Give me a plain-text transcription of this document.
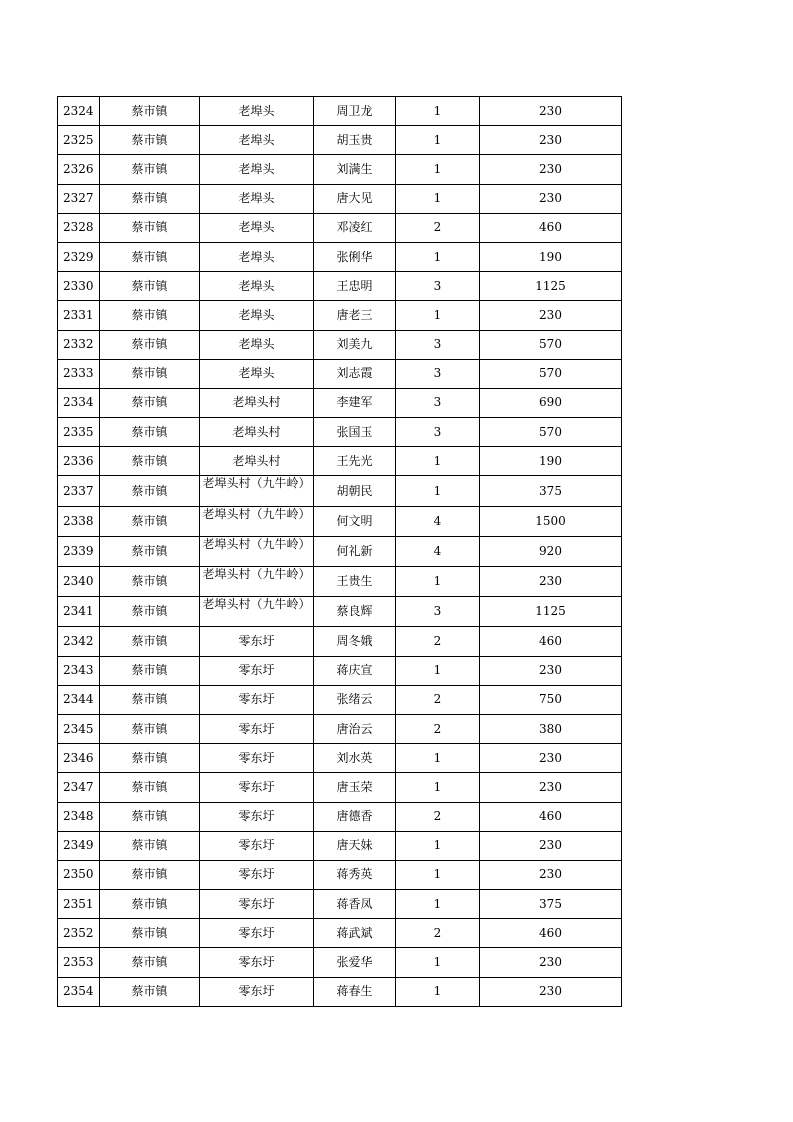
2324	蔡市镇	老埠头	周卫龙	1	230
2325	蔡市镇	老埠头	胡玉贵	1	230
2326	蔡市镇	老埠头	刘满生	1	230
2327	蔡市镇	老埠头	唐大见	1	230
2328	蔡市镇	老埠头	邓凌红	2	460
2329	蔡市镇	老埠头	张俐华	1	190
2330	蔡市镇	老埠头	王忠明	3	1125
2331	蔡市镇	老埠头	唐老三	1	230
2332	蔡市镇	老埠头	刘美九	3	570
2333	蔡市镇	老埠头	刘志霞	3	570
2334	蔡市镇	老埠头村	李建军	3	690
2335	蔡市镇	老埠头村	张国玉	3	570
2336	蔡市镇	老埠头村	王先光	1	190
2337	蔡市镇	老埠头村（九牛岭）	胡朝民	1	375
2338	蔡市镇	老埠头村（九牛岭）	何文明	4	1500
2339	蔡市镇	老埠头村（九牛岭）	何礼新	4	920
2340	蔡市镇	老埠头村（九牛岭）	王贵生	1	230
2341	蔡市镇	老埠头村（九牛岭）	蔡良辉	3	1125
2342	蔡市镇	零东圩	周冬娥	2	460
2343	蔡市镇	零东圩	蒋庆宣	1	230
2344	蔡市镇	零东圩	张绪云	2	750
2345	蔡市镇	零东圩	唐治云	2	380
2346	蔡市镇	零东圩	刘水英	1	230
2347	蔡市镇	零东圩	唐玉荣	1	230
2348	蔡市镇	零东圩	唐德香	2	460
2349	蔡市镇	零东圩	唐天妹	1	230
2350	蔡市镇	零东圩	蒋秀英	1	230
2351	蔡市镇	零东圩	蒋香凤	1	375
2352	蔡市镇	零东圩	蒋武斌	2	460
2353	蔡市镇	零东圩	张爱华	1	230
2354	蔡市镇	零东圩	蒋春生	1	230
